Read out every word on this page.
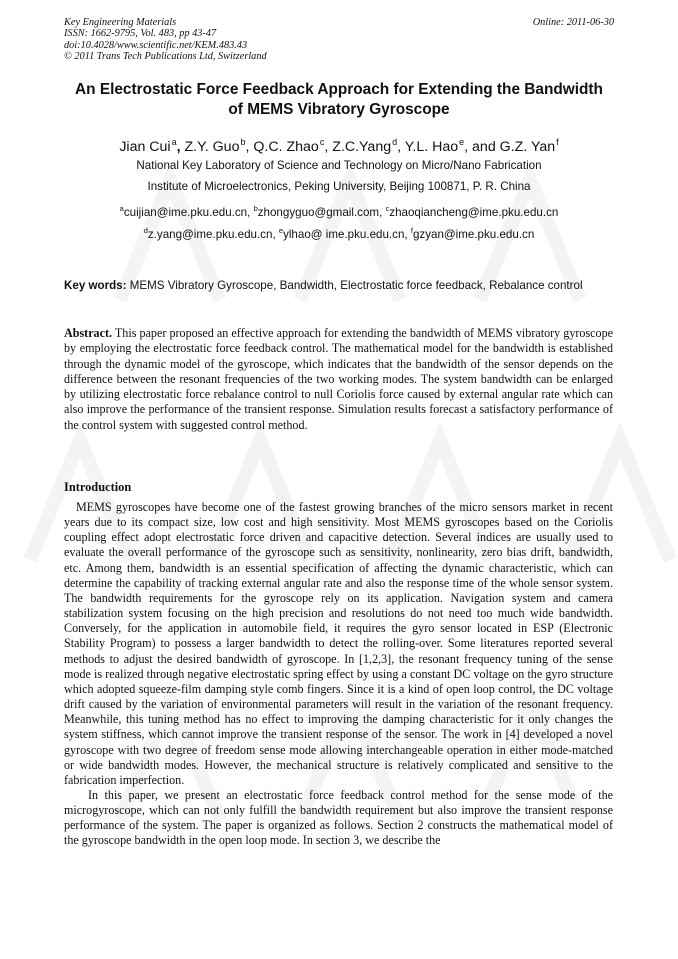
Key Engineering Materials
ISSN: 1662-9795, Vol. 483, pp 43-47
doi:10.4028/www.scientific.net/KEM.483.43
© 2011 Trans Tech Publications Ltd, Switzerland
Online: 2011-06-30
An Electrostatic Force Feedback Approach for Extending the Bandwidth
of MEMS Vibratory Gyroscope
Jian Cui$^a$, Z.Y. Guo$^b$, Q.C. Zhao$^c$, Z.C.Yang$^d$, Y.L. Hao$^e$, and G.Z. Yan$^f$
National Key Laboratory of Science and Technology on Micro/Nano Fabrication
Institute of Microelectronics, Peking University, Beijing 100871, P. R. China
$^a$cuijian@ime.pku.edu.cn, $^b$zhongyguo@gmail.com, $^c$zhaoqiancheng@ime.pku.edu.cn
$^d$z.yang@ime.pku.edu.cn, $^e$ylhao@ ime.pku.edu.cn, $^f$gzyan@ime.pku.edu.cn
Key words: MEMS Vibratory Gyroscope, Bandwidth, Electrostatic force feedback, Rebalance control
Abstract. This paper proposed an effective approach for extending the bandwidth of MEMS vibratory gyroscope by employing the electrostatic force feedback control. The mathematical model for the bandwidth is established through the dynamic model of the gyroscope, which indicates that the bandwidth of the sensor depends on the difference between the resonant frequencies of the two working modes. The system bandwidth can be enlarged by utilizing electrostatic force rebalance control to null Coriolis force caused by external angular rate which can also improve the performance of the transient response. Simulation results forecast a satisfactory performance of the control system with suggested control method.
Introduction

MEMS gyroscopes have become one of the fastest growing branches of the micro sensors market in recent years due to its compact size, low cost and high sensitivity. Most MEMS gyroscopes based on the Coriolis coupling effect adopt electrostatic force driven and capacitive detection. Several indices are usually used to evaluate the overall performance of the gyroscope such as sensitivity, nonlinearity, zero bias drift, bandwidth, etc. Among them, bandwidth is an essential specification of affecting the dynamic characteristic, which can determine the capability of tracking external angular rate and also the response time of the whole sensor system. The bandwidth requirements for the gyroscope rely on its application. Navigation system and camera stabilization system focusing on the high precision and resolutions do not need too much wide bandwidth. Conversely, for the application in automobile field, it requires the gyro sensor located in ESP (Electronic Stability Program) to possess a larger bandwidth to detect the rolling-over. Some literatures reported several methods to adjust the desired bandwidth of gyroscope. In [1,2,3], the resonant frequency tuning of the sense mode is realized through negative electrostatic spring effect by using a constant DC voltage on the gyro structure which adopted squeeze-film damping style comb fingers. Since it is a kind of open loop control, the DC voltage drift caused by the variation of environmental parameters will result in the variation of the resonant frequency. Meanwhile, this tuning method has no effect to improving the damping characteristic for it only changes the system stiffness, which cannot improve the transient response of the sensor. The work in [4] developed a novel gyroscope with two degree of freedom sense mode allowing interchangeable operation in either mode-matched or wide bandwidth modes. However, the mechanical structure is relatively complicated and sensitive to the fabrication imperfection.

In this paper, we present an electrostatic force feedback control method for the sense mode of the microgyroscope, which can not only fulfill the bandwidth requirement but also improve the transient response performance of the system. The paper is organized as follows. Section 2 constructs the mathematical model of the gyroscope bandwidth in the open loop mode. In section 3, we describe the
